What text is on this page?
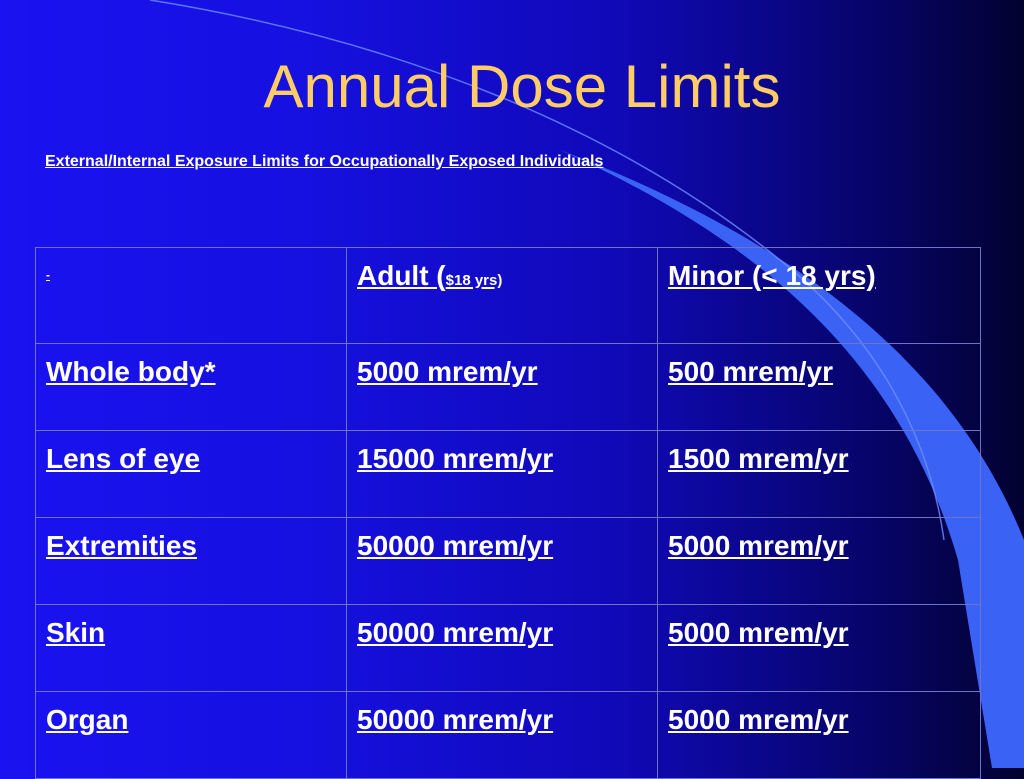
Annual Dose Limits
External/Internal Exposure Limits for Occupationally Exposed Individuals
-	Adult ($18 yrs)	Minor (< 18 yrs)
Whole body*	5000 mrem/yr	500 mrem/yr
Lens of eye	15000 mrem/yr	1500 mrem/yr
Extremities	50000 mrem/yr	5000 mrem/yr
Skin	50000 mrem/yr	5000 mrem/yr
Organ	50000 mrem/yr	5000 mrem/yr
